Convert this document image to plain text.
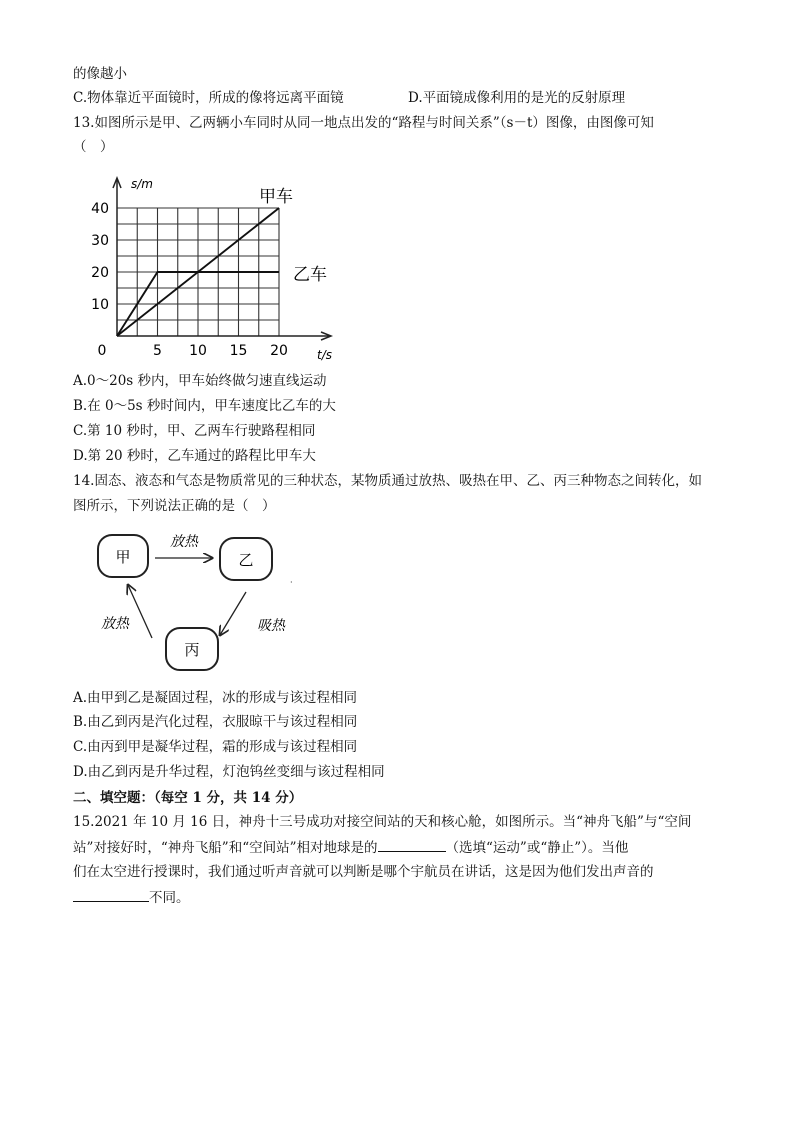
的像越小
C.物体靠近平面镜时，所成的像将远离平面镜	D.平面镜成像利用的是光的反射原理
13.如图所示是甲、乙两辆小车同时从同一地点出发的“路程与时间关系”（s－t）图像，由图像可知
（　）
s/m
t/s
0	5 10 15 20
10
20
30
40
甲车
乙车
A.0～20s 秒内，甲车始终做匀速直线运动
B.在 0～5s 秒时间内，甲车速度比乙车的大
C.第 10 秒时，甲、乙两车行驶路程相同
D.第 20 秒时，乙车通过的路程比甲车大
14.固态、液态和气态是物质常见的三种状态，某物质通过放热、吸热在甲、乙、丙三种物态之间转化，如
图所示，下列说法正确的是（　）
甲	乙
丙
放热
吸热
放热
·
A.由甲到乙是凝固过程，冰的形成与该过程相同
B.由乙到丙是汽化过程，衣服晾干与该过程相同
C.由丙到甲是凝华过程，霜的形成与该过程相同
D.由乙到丙是升华过程，灯泡钨丝变细与该过程相同
二、填空题：（每空 1 分，共 14 分）
15.2021 年 10 月 16 日，神舟十三号成功对接空间站的天和核心舱，如图所示。当“神舟飞船”与“空间
站”对接好时，“神舟飞船”和“空间站”相对地球是的	（选填“运动”或“静止”）。当他
们在太空进行授课时，我们通过听声音就可以判断是哪个宇航员在讲话，这是因为他们发出声音的
不同。
